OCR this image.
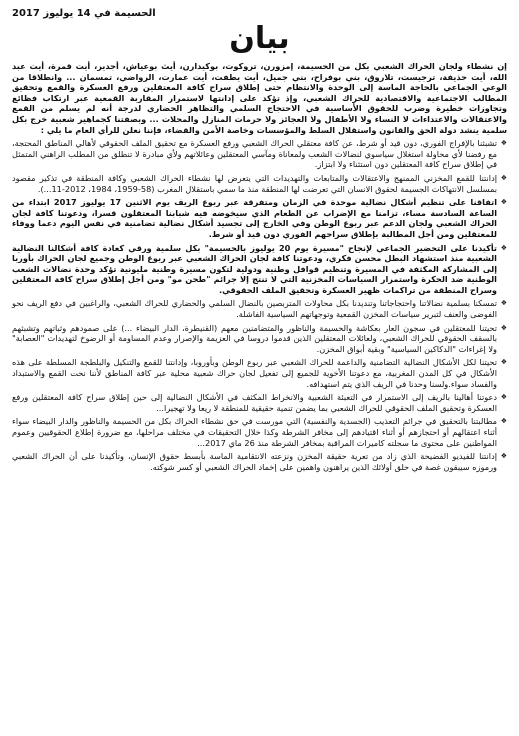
الحسيمة في 14 يوليوز 2017
بيان

إن نشطاء ولجان الحراك الشعبي بكل من الحسيمة، إمزورن، تروكوت، بوكيدارن، أيث بوعياش، أجدير، أيت قمرة، أيت عبد الله، أيت حذيفة، ترجيست، تلاروق، بني بوفراح، بني جميل، أيت يطفت، أيت عمارت، الرواضي، تمسمان ... وانطلاقا من الوعي الجماعي بالحاجة الماسة إلى الوحدة والانتظام حتى إطلاق سراح كافة المعتقلين ورفع العسكرة والقمع وتحقيق المطالب الاجتماعية والاقتصادية للحراك الشعبي، وإذ تؤكد على إدانتها لاستمرار المقاربة القمعية عبر ارتكاب فظائع وتجاوزات خطيرة وضرب للحقوق الأساسية في الاحتجاج السلمي والتظاهر الحضاري لدرجة أنه لم يسلم من القمع والاعتقالات والاعتداءات لا النساء ولا الأطفال ولا العجائز ولا حرمات المنازل والمحلات ... وبصفتنا كجماهير شعبية خرج بكل سلمية ينشد دولة الحق والقانون واستقلال السلط والمؤسسات وخاصة الأمن والقضاء، فإننا نعلن للرأي العام ما يلي :

❖
تشبثنا بالإفراج الفوري، دون قيد أو شرط، عن كافة معتقلي الحراك الشعبي ورفع العسكرة مع تحقيق الملف الحقوقي لأهالي المناطق المحتجة، مع رفضنا لأي محاولة استغلال سياسوي لنضالات الشعب ولمعاناة ومآسي المعتقلين وعائلاتهم ولأي مبادرة لا تنطلق من المطلب الراهني المتمثل في إطلاق سراح كافة المعتقلين دون استثناء ولا ابتزاز.
❖
إدانتنا للقمع المخزني الممنهج والاعتقالات والمتابعات والتهديدات التي يتعرض لها نشطاء الحراك الشعبي وكافة المنطقة في تذكير مقصود بمسلسل الانتهاكات الجسيمة لحقوق الانسان التي تعرضت لها المنطقة منذ ما سمي باستقلال المغرب (58-1959، 1984، 2012-11...).
❖
اتفاقنا على تنظيم أشكال نضالية موحدة في الزمان ومتفرقة عبر ربوع الريف يوم الاثنين 17 يوليوز 2017 ابتداء من الساعة السادسة مساء، تزامنا مع الإضراب عن الطعام الذي سيخوضه فيه شبابنا المعتقلون قسرا، ودعوتنا كافة لجان الحراك الشعبي ولجان الدعم عبر ربوع الوطن وفي الخارج إلى تجسيد أشكال نضالية تضامنية في نفس اليوم دعما ووفاء للمعتقلين ومن أجل المطالبة بإطلاق سراحهم الفوري دون قيد أو شرط.
❖
تأكيدنا على التحضير الجماعي لإنجاح "مسيرة يوم 20 يوليوز بالحسيمة" بكل سلمية ورقي كعادة كافة أشكالنا النضالية الشعبية منذ استشهاد البطل محسن فكري، ودعوتنا كافة لجان الحراك الشعبي عبر ربوع الوطن وجميع لجان الحراك بأوربا إلى المشاركة المكثفة في المسيرة وتنظيم قوافل وطنية ودولية لتكون مسيرة وطنية مليونية تؤكد وحدة نضالات الشعب الوطنية ضد الحكرة واستمرار السياسات المخزنية التي لا تنتج إلا جرائم "طحن مو" ومن أجل إطلاق سراح كافة المعتقلين وسراح المنطقة من تراكمات ظهير العسكرة وتحقيق الملف الحقوقي.
❖
تمسكنا بسلمية نضالاتنا واحتجاجاتنا وتنديدنا بكل محاولات المتربصين بالنضال السلمي والحضاري للحراك الشعبي، والراغبين في دفع الريف نحو الفوضى والعنف لتبرير سياسات المخزن القمعية وتوجهاتهم السياسية الفاشلة.
❖
تحيتنا للمعتقلين في سجون العار بعكاشة والحسيمة والناظور والمتضامنين معهم (القنيطرة، الدار البيضاء ...) على صمودهم وثباتهم وتشبثهم بالسقف الحقوقي للحراك الشعبي، ولعائلات المعتقلين الذين قدموا دروسا في العزيمة والإصرار وعدم المساومة أو الرضوخ لتهديدات "العصابة" ولا إغراءات "الدكاكين السياسية" وبقية أبواق المخزن.
❖
تحيتنا لكل الأشكال النضالية التضامنية والداعمة للحراك الشعبي عبر ربوع الوطن وبأوروبا، وإدانتنا للقمع والتنكيل والبلطجة المسلطة على هذه الأشكال في كل المدن المغربية، مع دعوتنا الأخوية للجميع إلى تفعيل لجان حراك شعبية محلية عبر كافة المناطق لأننا نحت القمع والاستبداد والفساد سواء.ولسنا وحدنا في الريف الذي يتم استهدافه.
❖
دعوتنا أهالينا بالريف إلى الاستمرار في التعبئة الشعبية والانخراط المكثف في الأشكال النضالية إلى حين إطلاق سراح كافة المعتقلين ورفع العسكرة وتحقيق الملف الحقوقي للحراك الشعبي بما يضمن تنمية حقيقية للمنطقة لا ريعا ولا تهجيرا...
❖
مطالبتنا بالتحقيق في جرائم التعذيب (الجسدية والنفسية) التي مورست في حق نشطاء الحراك بكل من الحسيمة والناظور والدار البيضاء سواء أثناء اعتقالهم أو احتجازهم أو أثناء اقتيادهم إلى مخافر الشرطة وكذا خلال التحقيقات في مختلف مراحلها، مع ضرورة إطلاع الحقوقيين وعموم المواطنين على محتوى ما سجلته كاميرات المراقبة بمخافر الشرطة منذ 26 ماي 2017...
❖
إدانتنا للفيديو الفضيحة الذي زاد من تعرية حقيقة المخزن ونزعته الانتقامية الماسة بأبسط حقوق الإنسان، وتأكيدنا على أن الحراك الشعبي ورموزه سيبقون غصة في حلق أولائك الذين يراهنون واهمين على إخماد الحراك الشعبي أو كسر شوكته.
